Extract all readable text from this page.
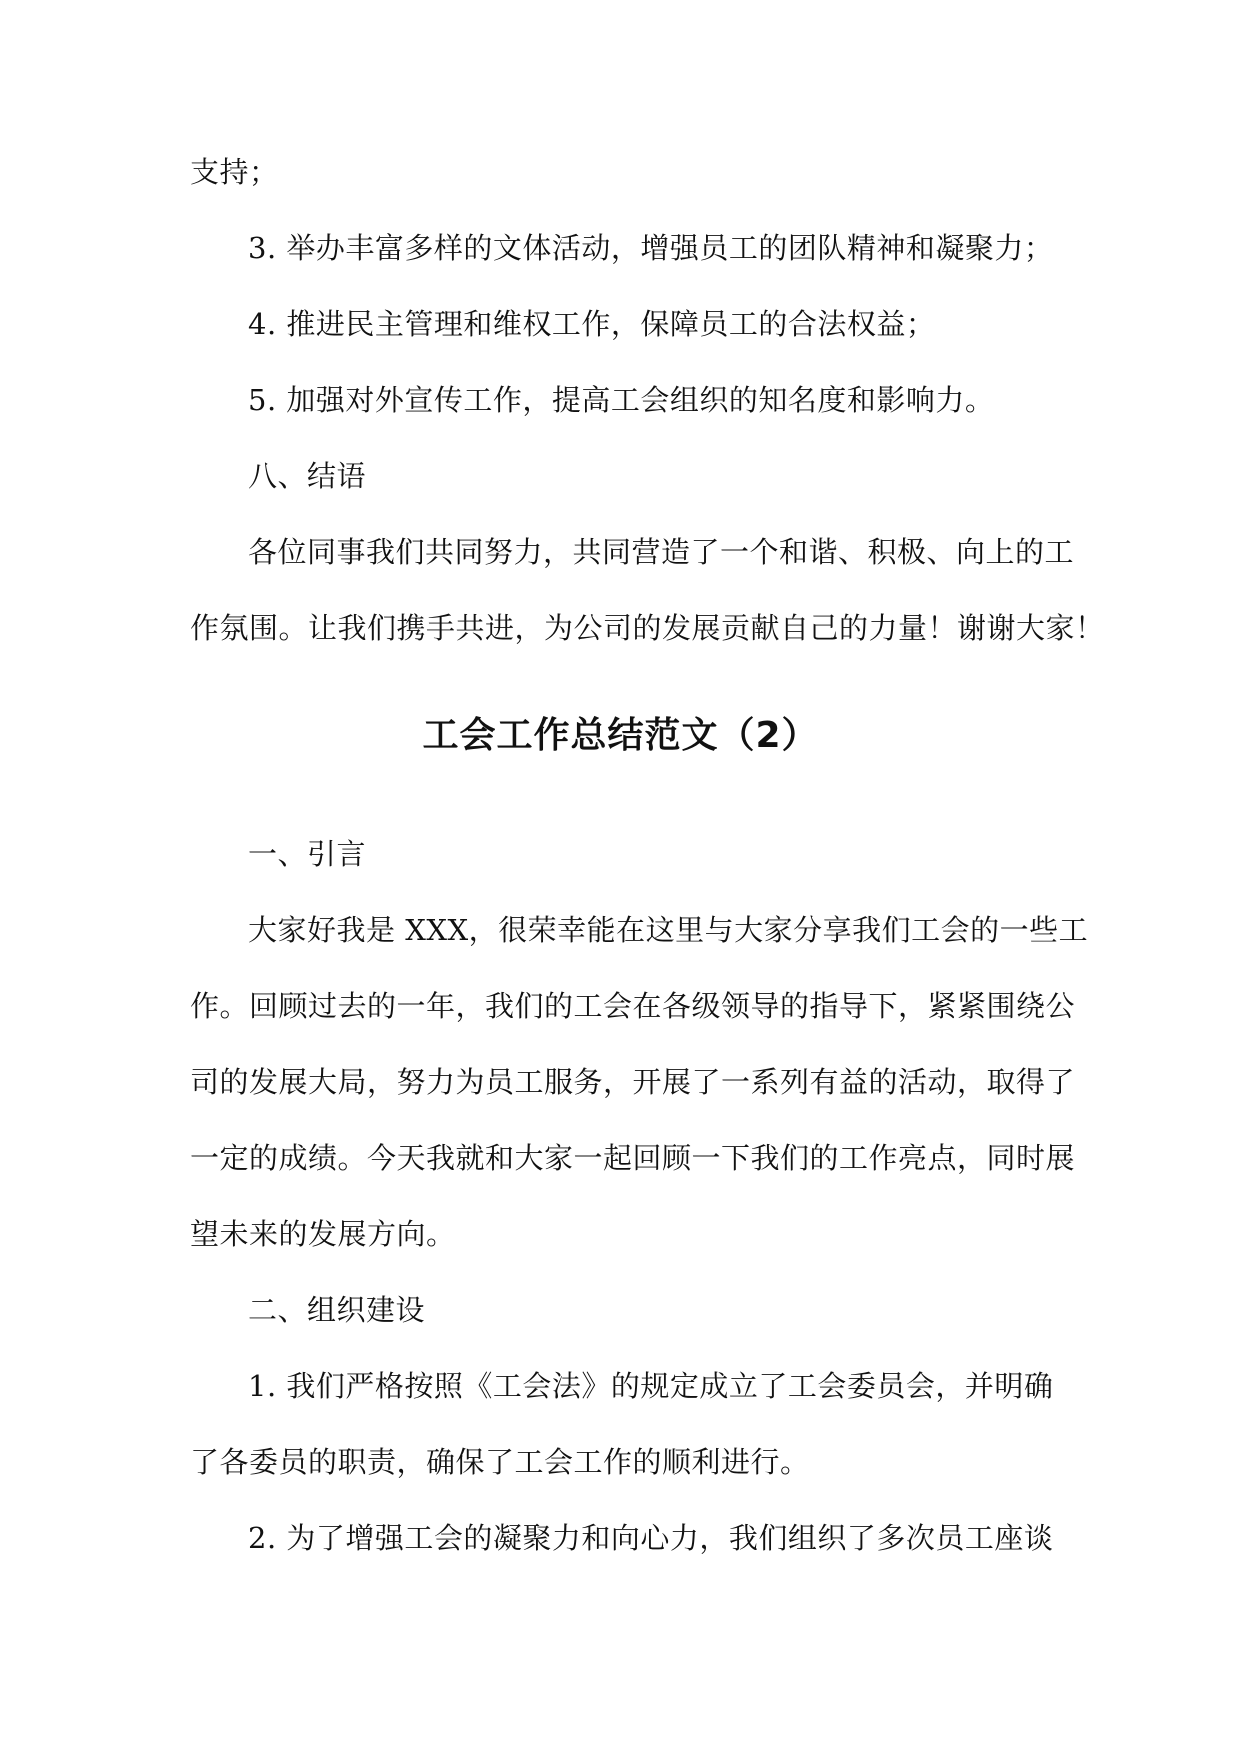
支持；

3. 举办丰富多样的文体活动，增强员工的团队精神和凝聚力；

4. 推进民主管理和维权工作，保障员工的合法权益；

5. 加强对外宣传工作，提高工会组织的知名度和影响力。

八、结语

各位同事我们共同努力，共同营造了一个和谐、积极、向上的工

作氛围。让我们携手共进，为公司的发展贡献自己的力量！谢谢大家！

工会工作总结范文（2）

一、引言

大家好我是 XXX，很荣幸能在这里与大家分享我们工会的一些工

作。回顾过去的一年，我们的工会在各级领导的指导下，紧紧围绕公

司的发展大局，努力为员工服务，开展了一系列有益的活动，取得了

一定的成绩。今天我就和大家一起回顾一下我们的工作亮点，同时展

望未来的发展方向。

二、组织建设

1. 我们严格按照《工会法》的规定成立了工会委员会，并明确

了各委员的职责，确保了工会工作的顺利进行。

2. 为了增强工会的凝聚力和向心力，我们组织了多次员工座谈
